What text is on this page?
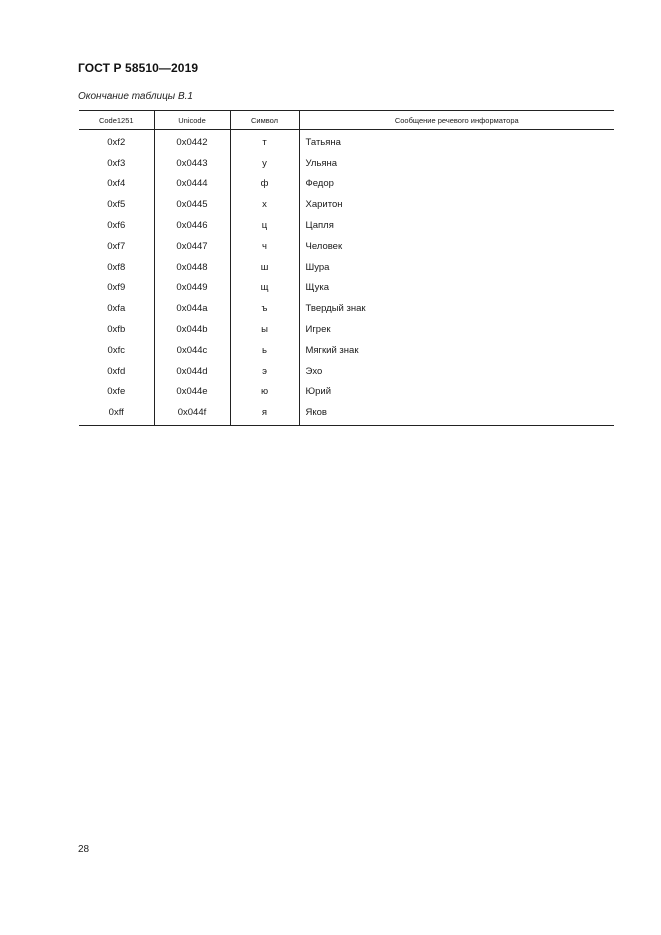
ГОСТ Р 58510—2019
Окончание таблицы В.1
Code1251	Unicode	Символ	Сообщение речевого информатора
0xf2	0x0442	т	Татьяна
0xf3	0x0443	у	Ульяна
0xf4	0x0444	ф	Федор
0xf5	0x0445	х	Харитон
0xf6	0x0446	ц	Цапля
0xf7	0x0447	ч	Человек
0xf8	0x0448	ш	Шура
0xf9	0x0449	щ	Щука
0xfa	0x044a	ъ	Твердый знак
0xfb	0x044b	ы	Игрек
0xfc	0x044c	ь	Мягкий знак
0xfd	0x044d	э	Эхо
0xfe	0x044e	ю	Юрий
0xff	0x044f	я	Яков
28
